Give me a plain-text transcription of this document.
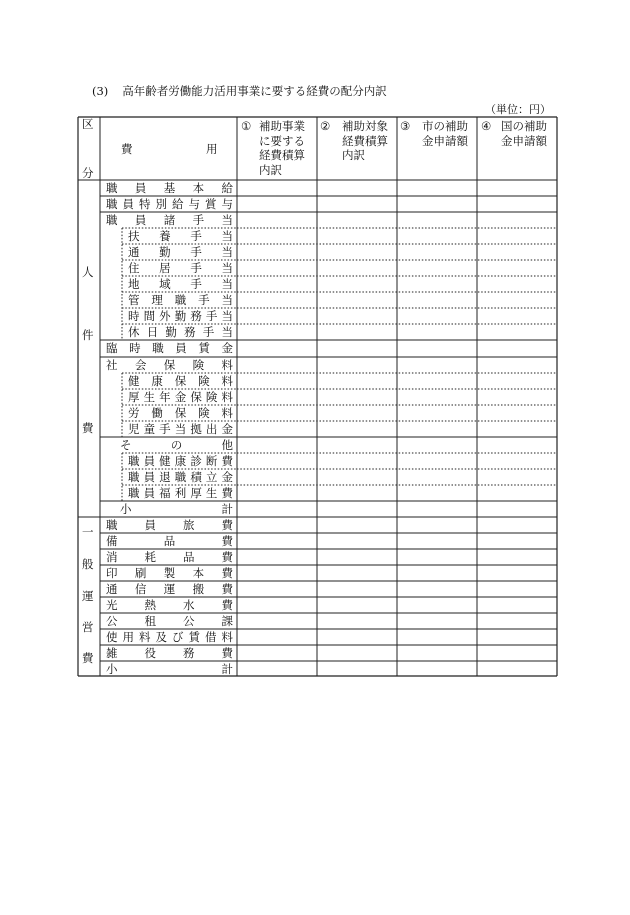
(3) 高年齢者労働能力活用事業に要する経費の配分内訳
（単位：円）
区
分
費	用
① 補助事業に要する経費積算内訳
② 補助対象経費積算内訳
③ 市の補助金申請額
④ 国の補助金申請額
人
件
費
一
般
運
営
費
職員基本給
職員特別給与賞与
職員諸手当
扶養手当
通勤手当
住居手当
地域手当
管理職手当
時間外勤務手当
休日勤務手当
臨時職員賃金
社会保険料
健康保険料
厚生年金保険料
労働保険料
児童手当拠出金
その他
職員健康診断費
職員退職積立金
職員福利厚生費
小計
職員旅費
備品費
消耗品費
印刷製本費
通信運搬費
光熱水費
公租公課
使用料及び賃借料
雑役務費
小計
